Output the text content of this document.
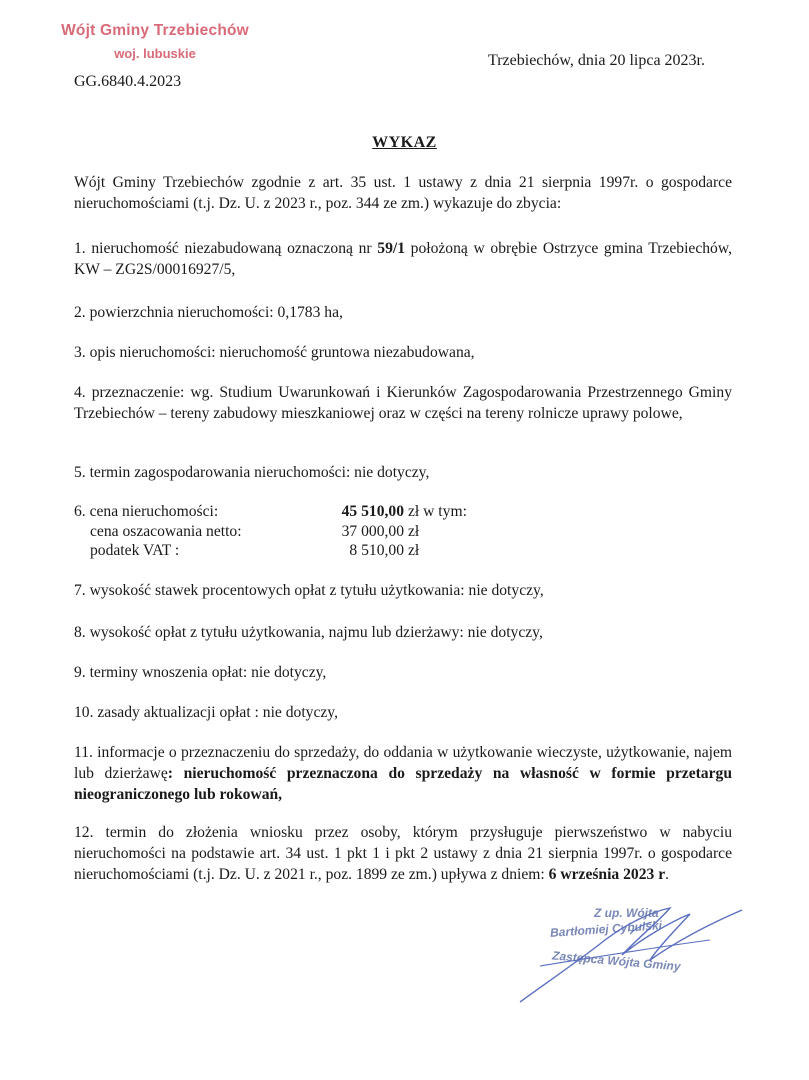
Wójt Gminy Trzebiechów
woj. lubuskie
GG.6840.4.2023
Trzebiechów, dnia 20 lipca 2023r.
WYKAZ
Wójt Gminy Trzebiechów zgodnie z art. 35 ust. 1 ustawy z dnia 21 sierpnia 1997r. o gospodarce nieruchomościami (t.j. Dz. U. z 2023 r., poz. 344 ze zm.) wykazuje do zbycia:
1. nieruchomość niezabudowaną oznaczoną nr 59/1 położoną w obrębie Ostrzyce gmina Trzebiechów, KW – ZG2S/00016927/5,
2. powierzchnia nieruchomości: 0,1783 ha,
3. opis nieruchomości: nieruchomość gruntowa niezabudowana,
4. przeznaczenie: wg. Studium Uwarunkowań i Kierunków Zagospodarowania Przestrzennego Gminy Trzebiechów – tereny zabudowy mieszkaniowej oraz w części na tereny rolnicze uprawy polowe,
5. termin zagospodarowania nieruchomości: nie dotyczy,
6. cena nieruchomości:	45 510,00 zł w tym:
cena oszacowania netto:	37 000,00 zł
podatek VAT :	8 510,00 zł
7. wysokość stawek procentowych opłat z tytułu użytkowania: nie dotyczy,
8. wysokość opłat z tytułu użytkowania, najmu lub dzierżawy: nie dotyczy,
9. terminy wnoszenia opłat: nie dotyczy,
10. zasady aktualizacji opłat : nie dotyczy,
11. informacje o przeznaczeniu do sprzedaży, do oddania w użytkowanie wieczyste, użytkowanie, najem lub dzierżawę: nieruchomość przeznaczona do sprzedaży na własność w formie przetargu nieograniczonego lub rokowań,
12. termin do złożenia wniosku przez osoby, którym przysługuje pierwszeństwo w nabyciu nieruchomości na podstawie art. 34 ust. 1 pkt 1 i pkt 2 ustawy z dnia 21 sierpnia 1997r. o gospodarce nieruchomościami (t.j. Dz. U. z 2021 r., poz. 1899 ze zm.) upływa z dniem: 6 września 2023 r.
Z up. Wójta
Bartłomiej Cybulski
Zastępca Wójta Gminy
